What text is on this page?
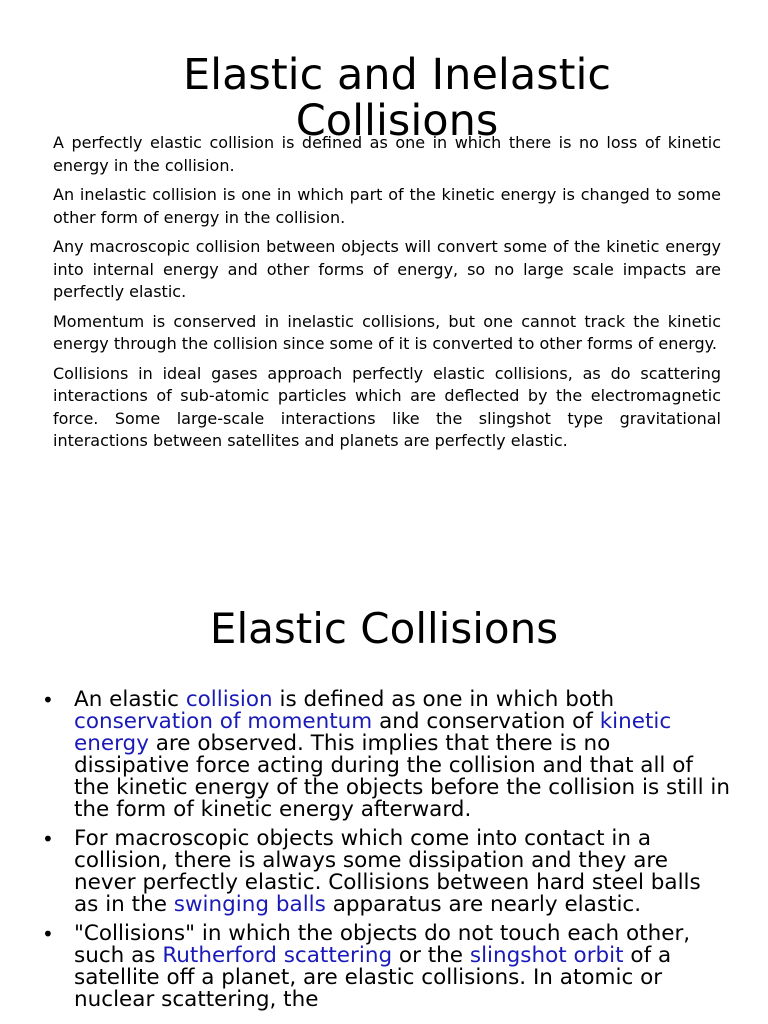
Elastic and Inelastic Collisions

A perfectly elastic collision is defined as one in which there is no loss of kinetic energy in the collision.

An inelastic collision is one in which part of the kinetic energy is changed to some other form of energy in the collision.

Any macroscopic collision between objects will convert some of the kinetic energy into internal energy and other forms of energy, so no large scale impacts are perfectly elastic.

Momentum is conserved in inelastic collisions, but one cannot track the kinetic energy through the collision since some of it is converted to other forms of energy.

Collisions in ideal gases approach perfectly elastic collisions, as do scattering interactions of sub-atomic particles which are deflected by the electromagnetic force. Some large-scale interactions like the slingshot type gravitational interactions between satellites and planets are perfectly elastic.

Elastic Collisions
• An elastic collision is defined as one in which both conservation of momentum and conservation of kinetic energy are observed. This implies that there is no dissipative force acting during the collision and that all of the kinetic energy of the objects before the collision is still in the form of kinetic energy afterward.
• For macroscopic objects which come into contact in a collision, there is always some dissipation and they are never perfectly elastic. Collisions between hard steel balls as in the swinging balls apparatus are nearly elastic.
• "Collisions" in which the objects do not touch each other, such as Rutherford scattering or the slingshot orbit of a satellite off a planet, are elastic collisions. In atomic or nuclear scattering, the
